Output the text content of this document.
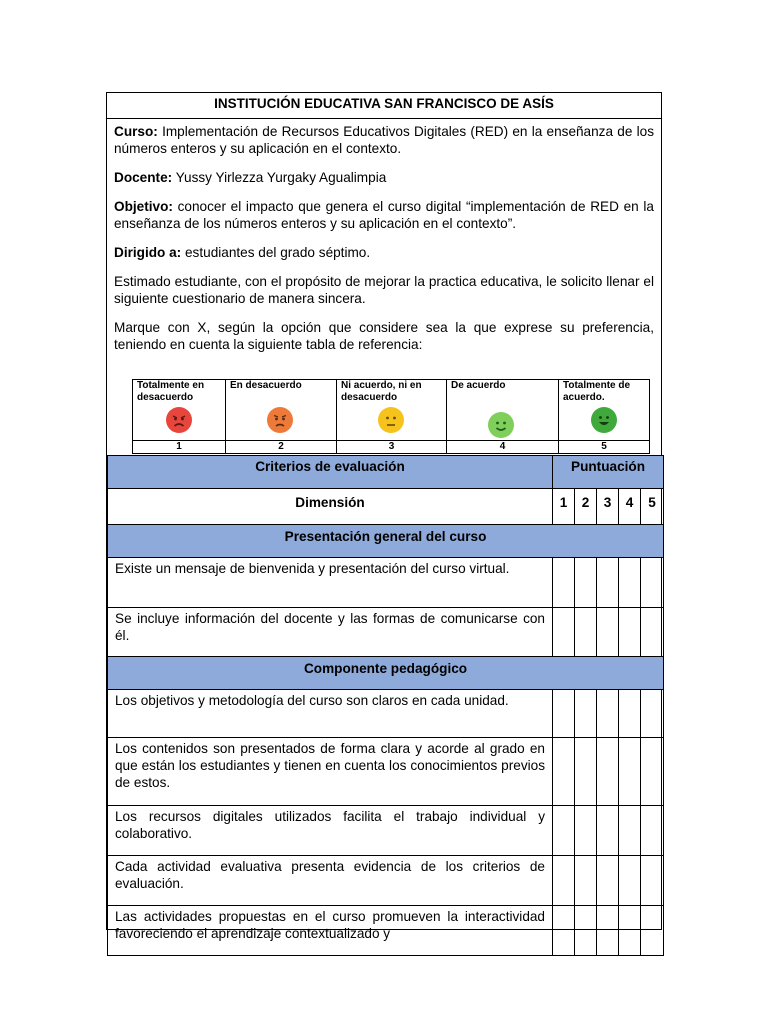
INSTITUCIÓN EDUCATIVA SAN FRANCISCO DE ASÍS

Curso: Implementación de Recursos Educativos Digitales (RED) en la enseñanza de los números enteros y su aplicación en el contexto.

Docente: Yussy Yirlezza Yurgaky Agualimpia

Objetivo: conocer el impacto que genera el curso digital “implementación de RED en la enseñanza de los números enteros y su aplicación en el contexto”.

Dirigido a: estudiantes del grado séptimo.

Estimado estudiante, con el propósito de mejorar la practica educativa, le solicito llenar el siguiente cuestionario de manera sincera.

Marque con X, según la opción que considere sea la que exprese su preferencia, teniendo en cuenta la siguiente tabla de referencia:

Totalmente en desacuerdo	En desacuerdo	Ni acuerdo, ni en desacuerdo	De acuerdo	Totalmente de acuerdo.

1	2	3	4	5
Criterios de evaluación	Puntuación				
Dimensión	1	2	3	4	5
Presentación general del curso					
Existe un mensaje de bienvenida y presentación del curso virtual.					
Se incluye información del docente y las formas de comunicarse con él.					
Componente pedagógico					
Los objetivos y metodología del curso son claros en cada unidad.					
Los contenidos son presentados de forma clara y acorde al grado en que están los estudiantes y tienen en cuenta los conocimientos previos de estos.					
Los recursos digitales utilizados facilita el trabajo individual y colaborativo.					
Cada actividad evaluativa presenta evidencia de los criterios de evaluación.					
Las actividades propuestas en el curso promueven la interactividad favoreciendo el aprendizaje contextualizado y					
